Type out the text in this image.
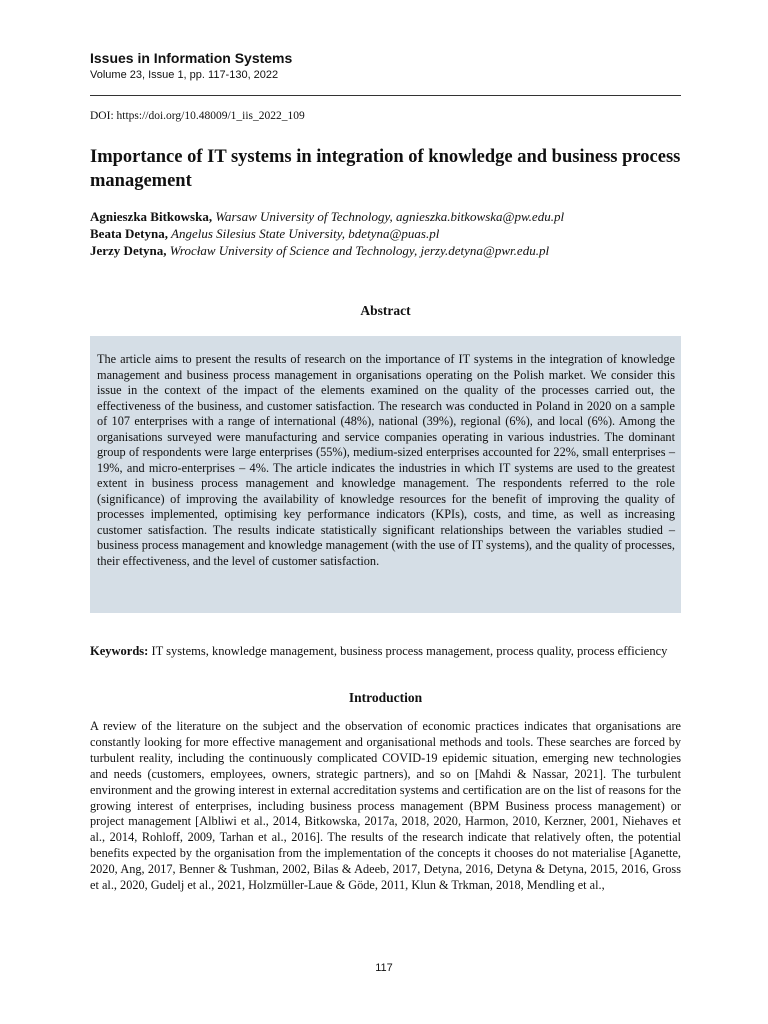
Issues in Information Systems
Volume 23, Issue 1, pp. 117-130, 2022
DOI: https://doi.org/10.48009/1_iis_2022_109
Importance of IT systems in integration of knowledge and business process management
Agnieszka Bitkowska, Warsaw University of Technology, agnieszka.bitkowska@pw.edu.pl
Beata Detyna, Angelus Silesius State University, bdetyna@puas.pl
Jerzy Detyna, Wrocław University of Science and Technology, jerzy.detyna@pwr.edu.pl
Abstract

The article aims to present the results of research on the importance of IT systems in the integration of knowledge management and business process management in organisations operating on the Polish market. We consider this issue in the context of the impact of the elements examined on the quality of the processes carried out, the effectiveness of the business, and customer satisfaction. The research was conducted in Poland in 2020 on a sample of 107 enterprises with a range of international (48%), national (39%), regional (6%), and local (6%). Among the organisations surveyed were manufacturing and service companies operating in various industries. The dominant group of respondents were large enterprises (55%), medium-sized enterprises accounted for 22%, small enterprises – 19%, and micro-enterprises – 4%. The article indicates the industries in which IT systems are used to the greatest extent in business process management and knowledge management. The respondents referred to the role (significance) of improving the availability of knowledge resources for the benefit of improving the quality of processes implemented, optimising key performance indicators (KPIs), costs, and time, as well as increasing customer satisfaction. The results indicate statistically significant relationships between the variables studied – business process management and knowledge management (with the use of IT systems), and the quality of processes, their effectiveness, and the level of customer satisfaction.

Keywords: IT systems, knowledge management, business process management, process quality, process efficiency

Introduction

A review of the literature on the subject and the observation of economic practices indicates that organisations are constantly looking for more effective management and organisational methods and tools. These searches are forced by turbulent reality, including the continuously complicated COVID-19 epidemic situation, emerging new technologies and needs (customers, employees, owners, strategic partners), and so on [Mahdi & Nassar, 2021]. The turbulent environment and the growing interest in external accreditation systems and certification are on the list of reasons for the growing interest of enterprises, including business process management (BPM Business process management) or project management [Albliwi et al., 2014, Bitkowska, 2017a, 2018, 2020, Harmon, 2010, Kerzner, 2001, Niehaves et al., 2014, Rohloff, 2009, Tarhan et al., 2016]. The results of the research indicate that relatively often, the potential benefits expected by the organisation from the implementation of the concepts it chooses do not materialise [Aganette, 2020, Ang, 2017, Benner & Tushman, 2002, Bilas & Adeeb, 2017, Detyna, 2016, Detyna & Detyna, 2015, 2016, Gross et al., 2020, Gudelj et al., 2021, Holzmüller-Laue & Göde, 2011, Klun & Trkman, 2018, Mendling et al.,

117
